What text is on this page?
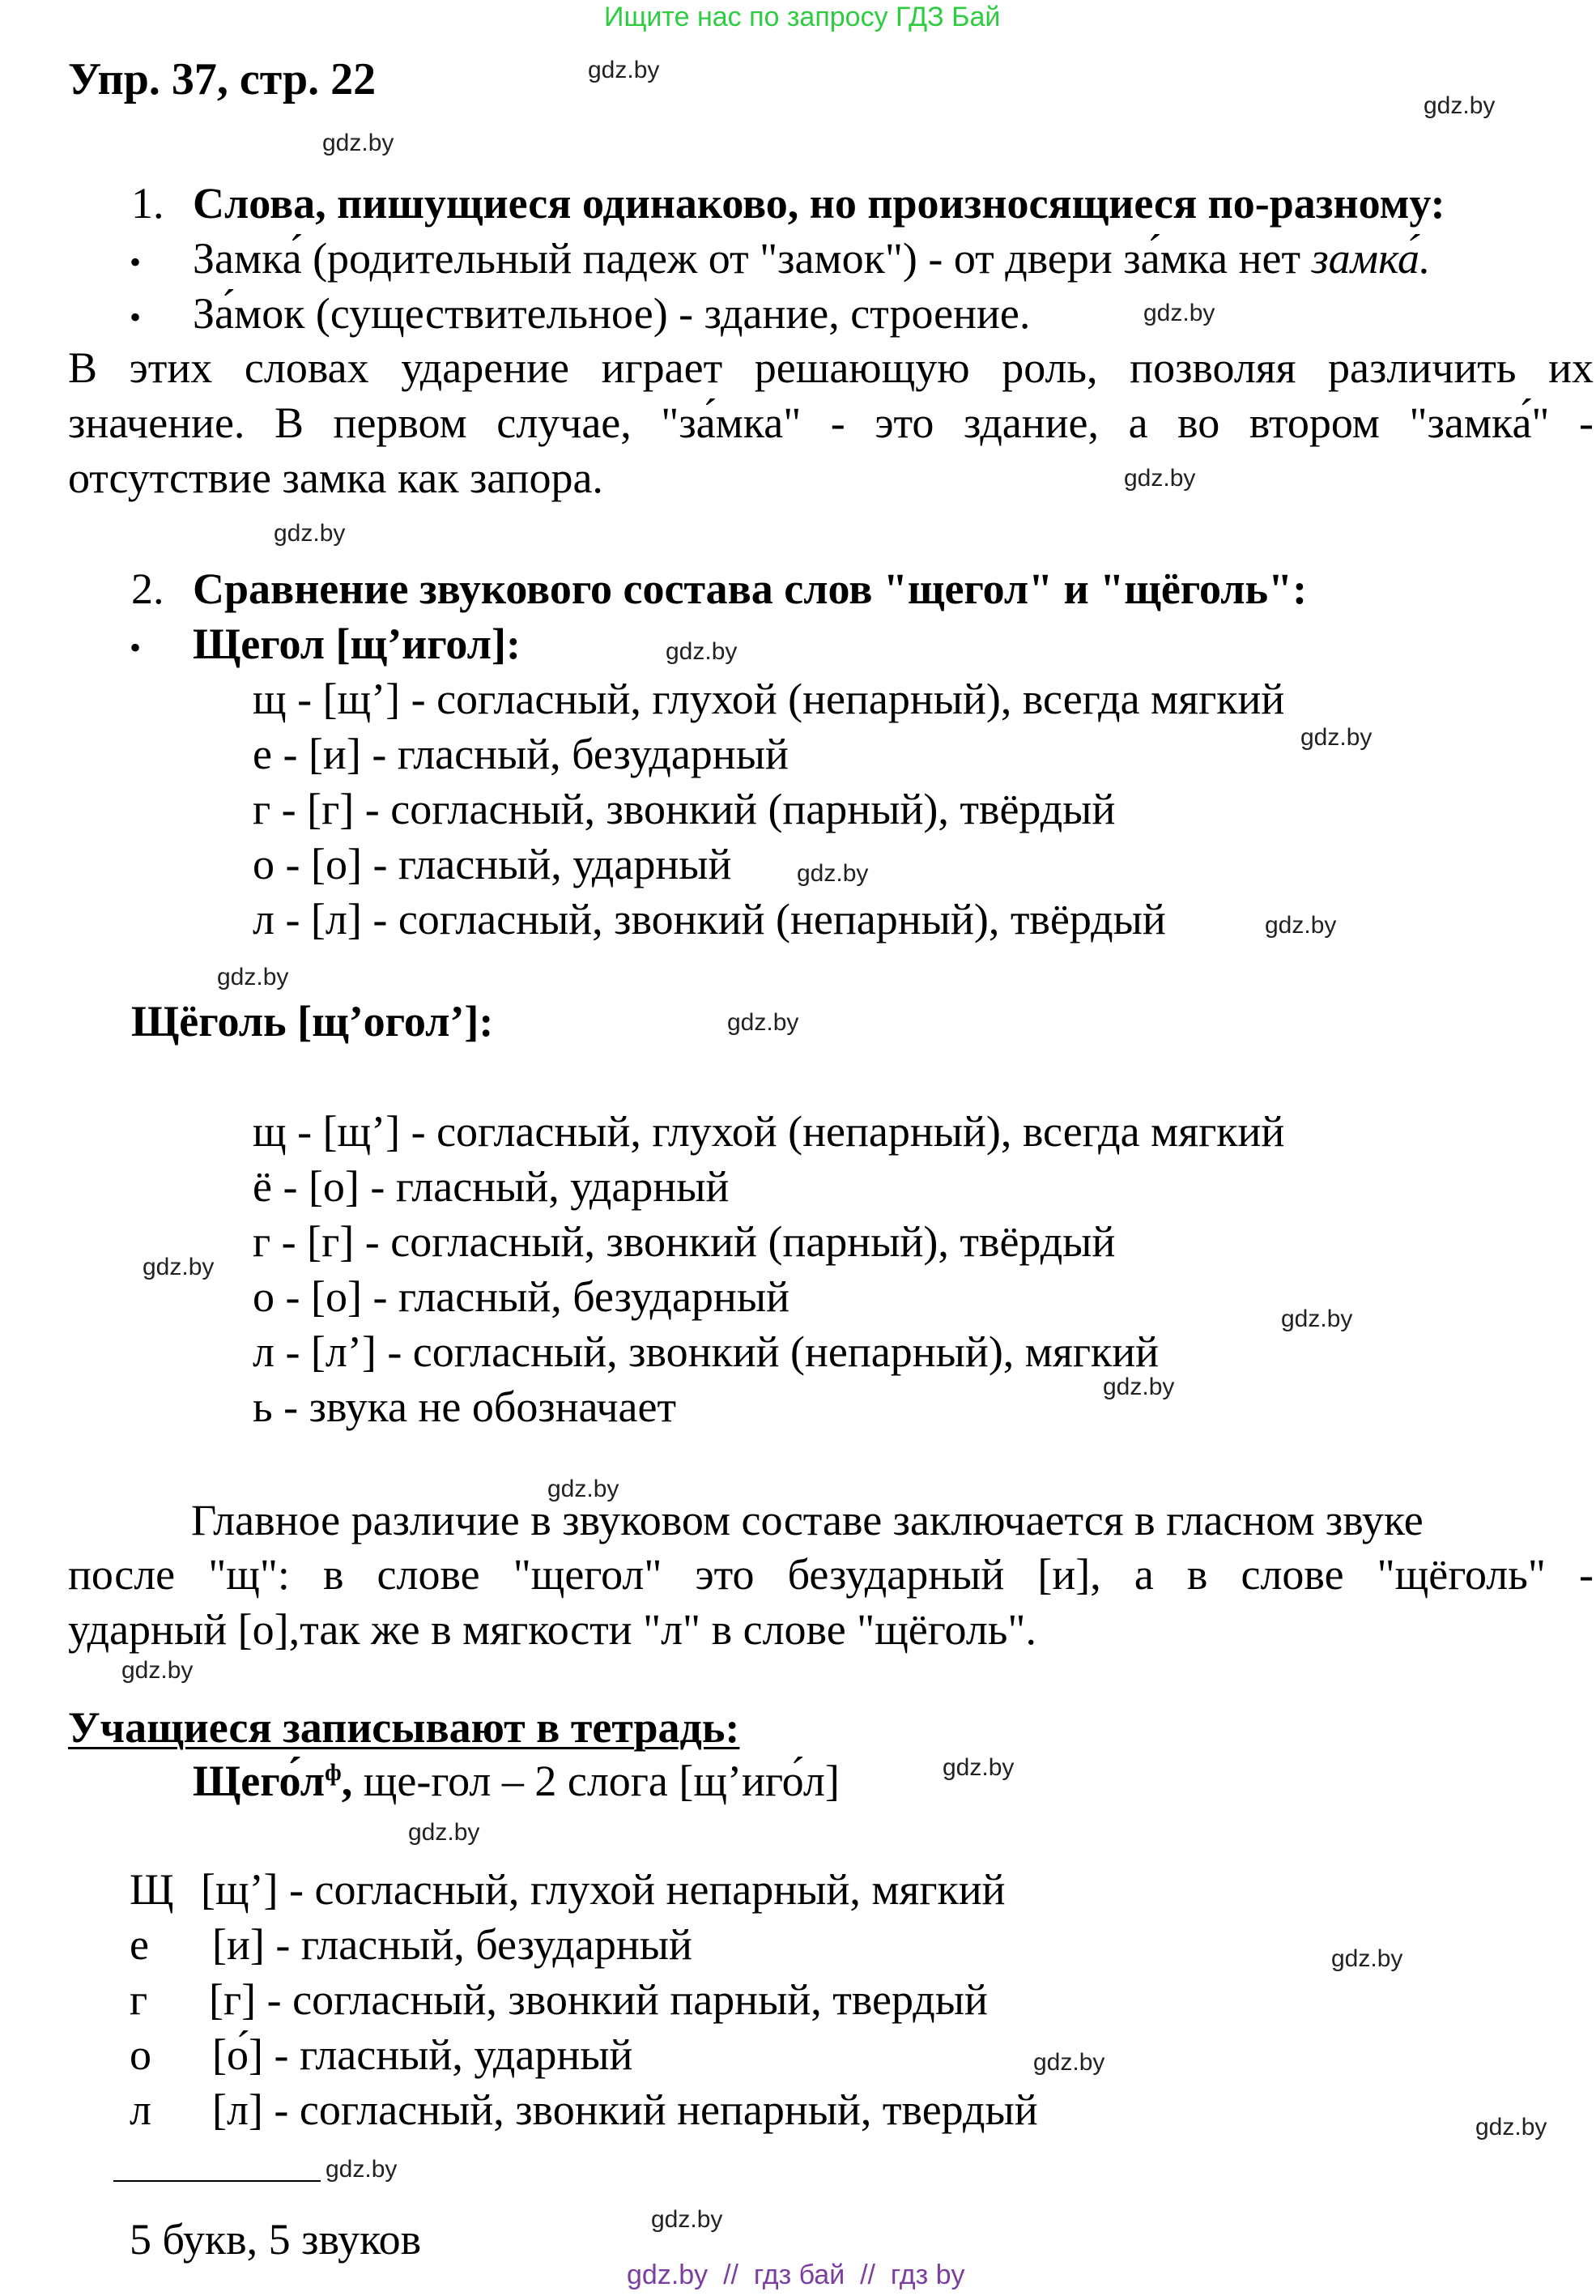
Ищите нас по запросу ГДЗ Бай
Упр. 37, стр. 22	gdz.by
gdz.by
gdz.by
1. Слова, пишущиеся одинаково, но произносящиеся по-разному:
• Замка́ (родительный падеж от "замок") - от двери за́мка нет замка́.
• За́мок (существительное) - здание, строение.	gdz.by
В этих словах ударение играет решающую роль, позволяя различить их
значение. В первом случае, "за́мка" - это здание, а во втором "замка́" -
отсутствие замка как запора.	gdz.by
gdz.by
2. Сравнение звукового состава слов "щегол" и "щёголь":
• Щегол [щ’игол]:	gdz.by
щ - [щ’] - согласный, глухой (непарный), всегда мягкий
е - [и] - гласный, безударный	gdz.by
г - [г] - согласный, звонкий (парный), твёрдый
о - [о] - гласный, ударный	gdz.by
л - [л] - согласный, звонкий (непарный), твёрдый	gdz.by
gdz.by
Щёголь [щ’огол’]:	gdz.by
щ - [щ’] - согласный, глухой (непарный), всегда мягкий
ё - [о] - гласный, ударный
г - [г] - согласный, звонкий (парный), твёрдый
gdz.by
о - [о] - гласный, безударный	gdz.by
л - [л’] - согласный, звонкий (непарный), мягкий
gdz.by
ь - звука не обозначает
gdz.by
Главное различие в звуковом составе заключается в гласном звуке
после "щ": в слове "щегол" это безударный [и], а в слове "щёголь" -
ударный [о],так же в мягкости "л" в слове "щёголь".
gdz.by
Учащиеся записывают в тетрадь:
gdz.by
$Щего́л^ф$, ще-гол – 2 слога [щ’иго́л]
gdz.by
Щ [щ’] - согласный, глухой непарный, мягкий
е [и] - гласный, безударный	gdz.by
г [г] - согласный, звонкий парный, твердый
о [о́] - гласный, ударный	gdz.by
л [л] - согласный, звонкий непарный, твердый	gdz.by
gdz.by
5 букв, 5 звуков	gdz.by
gdz.by  //  гдз бай  //  гдз by
